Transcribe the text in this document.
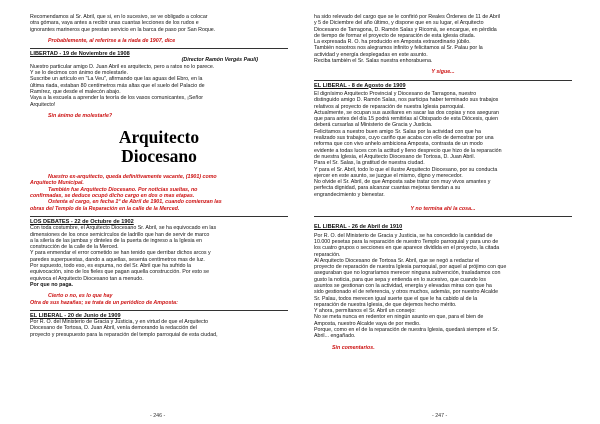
Recomendamos al Sr. Abril, que si, en lo sucesivo, se ve obligado a colocar

otra gómara, vaya antes a recibir unas cuantas lecciones de los rudos e

ignorantes marineros que prestan servicio en la barca de paso por San Roque.

Probablemente, al referirse a la riada de 1907, dice

LIBERTAD - 19 de Noviembre de 1908

(Director Ramón Vergés Paulí)

Nuestro particular amigo D. Juan Abril es arquitecto, pero a ratos no lo parece.

Y se lo decimos con ánimo de molestarle.

Suscribe un artículo en "La Veu", afirmando que las aguas del Ebro, en la

última riada, estaban 80 centímetros más altas que el suelo del Palacio de

Ramírez, que desde el malecón abajo.

Vaya a la escuela a aprender la teoría de los vasos comunicantes, ¡Señor

Arquitecto!

Sin ánimo de molestarle?

Arquitecto
Diocesano

Nuestro ex-arquitecto, queda definitivamente vacante, (1901) como

Arquitecto Municipal.

También fue Arquitecto Diocesano. Por noticias sueltas, no

confirmadas, se deduce ocupó dicho cargo en dos o mas etapas.

Ostenta el cargo, en fecha 1º de Abril de 1901, cuando comienzan las

obras del Templo de la Reparación en la calle de la Merced.

LOS DEBATES - 22 de Octubre de 1902

Con toda costumbre, el Arquitecto Diocesano Sr. Abril, se ha equivocado en las

dimensiones de los once semicírculos de ladrillo que han de servir de marco

a la silería de las jambas y dinteles de la puerta de ingreso a la Iglesia en

construcción de la calle de la Merced.

Y para enmendar el error cometido se han tenido que derribar dichos arcos y

paredes superpuestas, dando a aquellas, sesenta centímetros mas de luz.

Por supuesto, todo eso, es espuma, no del Sr. Abril que ha sufrido la

equivocación, sino de los fieles que pagan aquella construcción. Por esto se

equivoca el Arquitecto Diocesano tan a menudo.

Por que no paga.

Cierto o no, es lo que hay

Otra de sus hazañas; se trata de un periódico de Amposta:

EL LIBERAL - 20 de Junio de 1909

Por R. O. del Ministerio de Gracia y Justicia, y en virtud de que el Arquitecto

Diocesano de Tortosa, D. Juan Abril, venía demorando la redacción del

proyecto y presupuesto para la reparación del templo parroquial de esta ciudad,

- 246 -

ha sido relevado del cargo que se le confirió por Reales Órdenes de 11 de Abril

y 5 de Diciembre del año último, y dispone que en su lugar, el Arquitecto

Diocesano de Tarragona, D. Ramón Salas y Ricomà, se encargue, en pérdida

de tiempo de formar el proyecto de reparación de esta iglesia citada.

La expresada R. O. ha producido en Amposta extraordinario júbilo.

También nosotros nos alegramos infinito y felicitamos al Sr. Palau por la

actividad y energía desplegadas en este asunto.

Reciba también el Sr. Salas nuestra enhorabuena.

Y sigue...

EL LIBERAL - 8 de Agosto de 1909

El dignísimo Arquitecto Provincial y Diocesano de Tarragona, nuestro

distinguido amigo D. Ramón Salas, nos participa haber terminado sus trabajos

relativos al proyecto de reparación de nuestra Iglesia parroquial.

Actualmente, se ocupan sus auxiliares en sacar las dos copias y nos aseguran

que para antes del día 15 podrá remitirlas al Obispado de esta Diócesis, quien

deberá cursarlas al Ministerio de Gracia y Justicia.

Felicitamos a nuestro buen amigo Sr. Salas por la actividad con que ha

realizado sus trabajos, cuyo cariño que acaba con ello de demostrar por una

reforma que con vivo anhelo ambiciona Amposta, contrasta de un modo

evidente a todas luces con la actitud y lleno desprecio que hizo de la reparación

de nuestra Iglesia, el Arquitecto Diocesano de Tortosa, D. Juan Abril.

Para el Sr. Salas, la gratitud de nuestra ciudad.

Y para el Sr. Abril, todo lo que el ilustre Arquitecto Diocesano, por su conducta

ejercer en este asunto, se juzgue el mismo, digno y merecedor.

No olvide el Sr. Abril, de que Amposta sabe tratar con muy vivos amantes y

perfecta dignidad, para alcanzar cuantas mejoras tiendan a su

engrandecimiento y bienestar.

Y no termina ahí la cosa...

EL LIBERAL - 26 de Abril de 1910

Por R. O. del Ministerio de Gracia y Justicia, se ha concedido la cantidad de

10.000 pesetas para la reparación de nuestro Templo parroquial y para uno de

los cuatro grupos o secciones en que aparece dividida en el proyecto, la citada

reparación.

Al Arquitecto Diocesano de Tortosa Sr. Abril, que se negó a redactar el

proyecto de reparación de nuestra Iglesia parroquial, por aquel al prójimo con que

aseguraban que no lograríamos merecer ninguna subvención, trasladamos con

gusto la noticia, para que sepa y entienda en lo sucesivo, que cuando los

asuntos se gestionan con la actividad, energía y elevadas miras con que ha

sido gestionado el de referencia, y otros muchos, además, por nuestro Alcalde

Sr. Palau, todos merecen igual suerte que el que le ha cabido al de la

reparación de nuestra Iglesia, de que dejemos hecho mérito.

Y ahora, permítanos el Sr. Abril un consejo:

No se meta nunca en redentor en ningún asunto en que, para el bien de

Amposta, nuestro Alcalde vaya de por medio.

Porque, como en el de la reparación de nuestra Iglesia, quedará siempre el Sr.

Abril... engañado.

Sin comentarios.

- 247 -
